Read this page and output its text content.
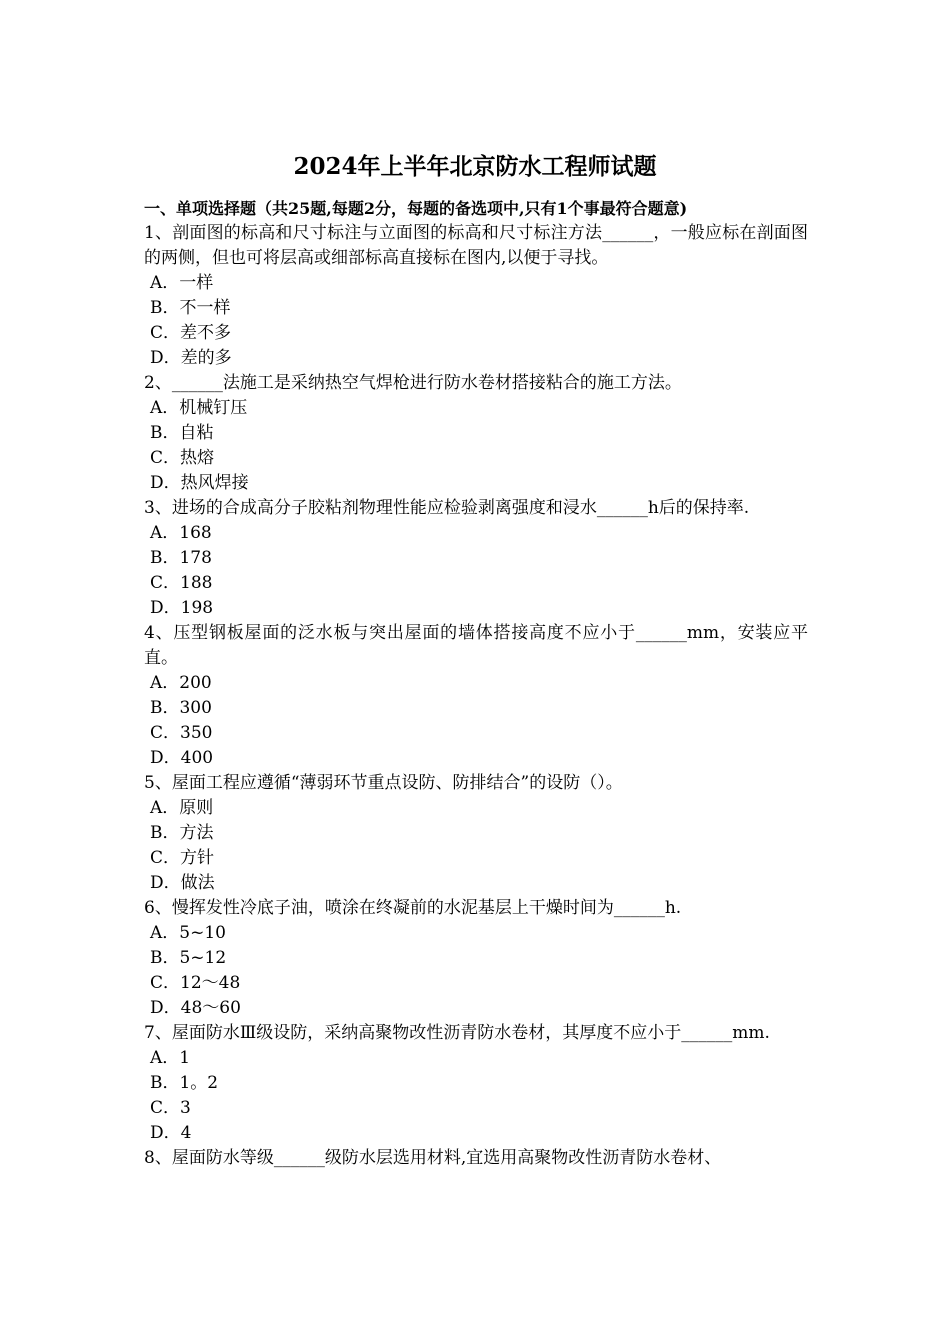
2024年上半年北京防水工程师试题
一、单项选择题（共25题,每题2分，每题的备选项中,只有1个事最符合题意)
1、剖面图的标高和尺寸标注与立面图的标高和尺寸标注方法______，一般应标在剖面图的两侧，但也可将层高或细部标高直接标在图内,以便于寻找。
A．一样
B．不一样
C．差不多
D．差的多
2、______法施工是采纳热空气焊枪进行防水卷材搭接粘合的施工方法。
A．机械钉压
B．自粘
C．热熔
D．热风焊接
3、进场的合成高分子胶粘剂物理性能应检验剥离强度和浸水______h后的保持率.
A．168
B．178
C．188
D．198
4、压型钢板屋面的泛水板与突出屋面的墙体搭接高度不应小于______mm，安装应平直。
A．200
B．300
C．350
D．400
5、屋面工程应遵循“薄弱环节重点设防、防排结合”的设防（）。
A．原则
B．方法
C．方针
D．做法
6、慢挥发性冷底子油，喷涂在终凝前的水泥基层上干燥时间为______h.
A．5~10
B．5~12
C．12～48
D．48～60
7、屋面防水Ⅲ级设防，采纳高聚物改性沥青防水卷材，其厚度不应小于______mm.
A．1
B．1。2
C．3
D．4
8、屋面防水等级______级防水层选用材料,宜选用高聚物改性沥青防水卷材、
